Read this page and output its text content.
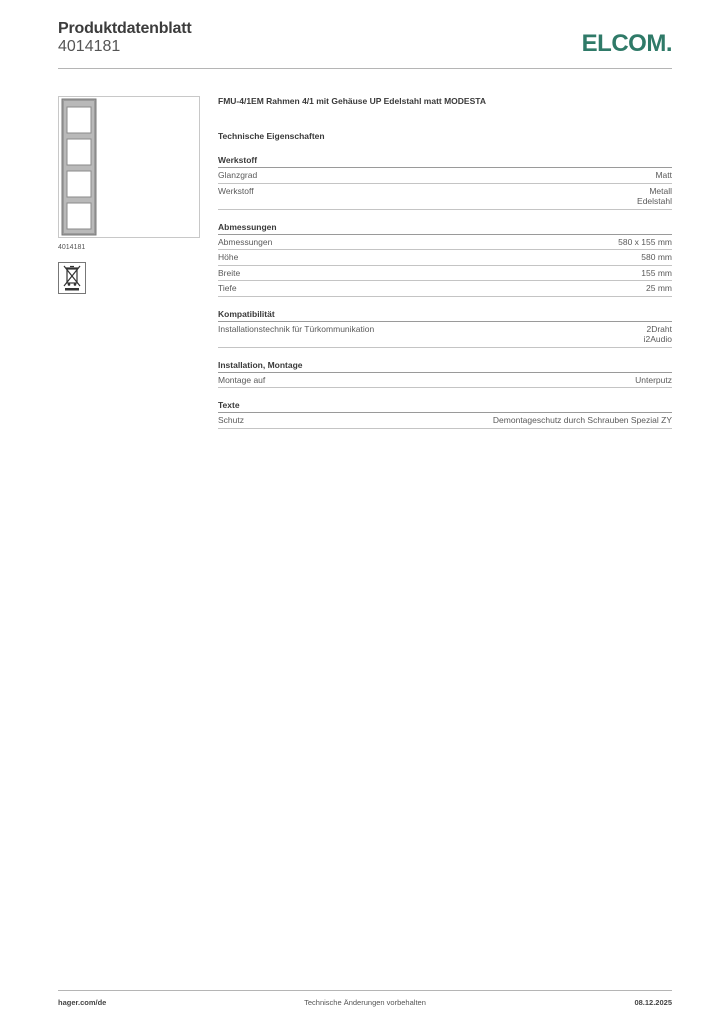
Produktdatenblatt
4014181	ELCOM.
4014181
FMU-4/1EM Rahmen 4/1 mit Gehäuse UP Edelstahl matt MODESTA
Technische Eigenschaften
Werkstoff
Glanzgrad	Matt
Werkstoff	Metall
Edelstahl
Abmessungen
Abmessungen	580 x 155 mm
Höhe	580 mm
Breite	155 mm
Tiefe	25 mm
Kompatibilität
Installationstechnik für Türkommunikation	2Draht
i2Audio
Installation, Montage
Montage auf	Unterputz
Texte
Schutz	Demontageschutz durch Schrauben Spezial ZY
hager.com/de	Technische Änderungen vorbehalten	08.12.2025
